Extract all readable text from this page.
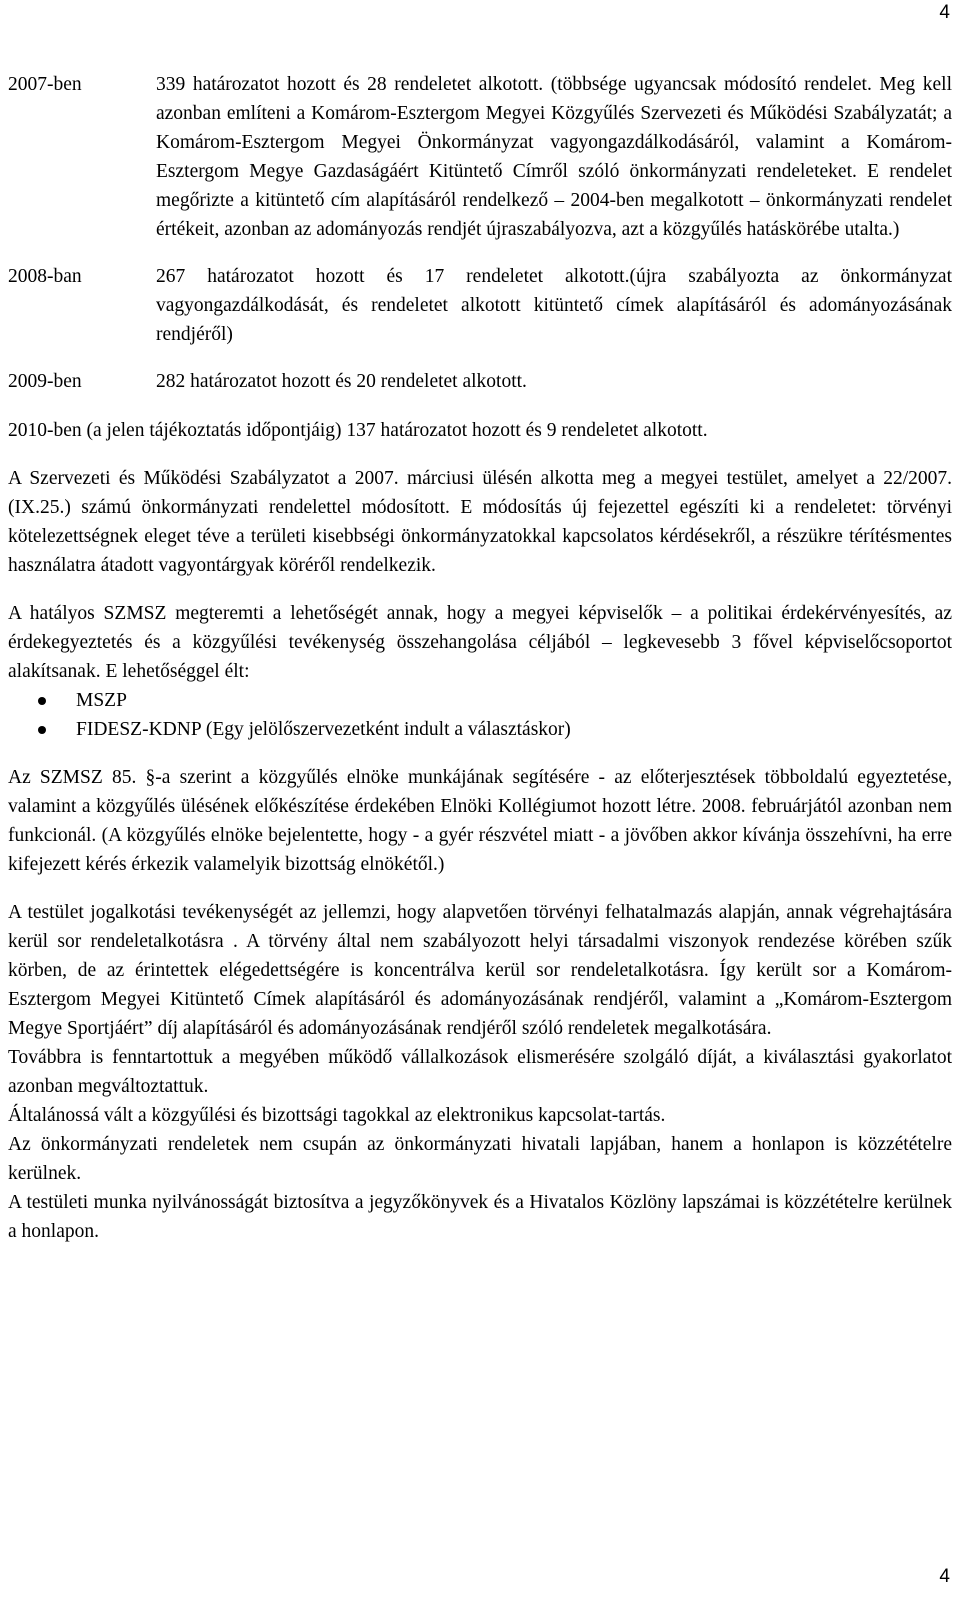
4
2007-ben	339 határozatot hozott és 28 rendeletet alkotott. (többsége ugyancsak módosító rendelet. Meg kell azonban említeni a Komárom-Esztergom Megyei Közgyűlés Szervezeti és Működési Szabályzatát; a Komárom-Esztergom Megyei Önkormányzat vagyongazdálkodásáról, valamint a Komárom-Esztergom Megye Gazdaságáért Kitüntető Címről szóló önkormányzati rendeleteket. E rendelet megőrizte a kitüntető cím alapításáról rendelkező – 2004-ben megalkotott – önkormányzati rendelet értékeit, azonban az adományozás rendjét újraszabályozva, azt a közgyűlés hatáskörébe utalta.)
2008-ban	267 határozatot hozott és 17 rendeletet alkotott.(újra szabályozta az önkormányzat vagyongazdálkodását, és rendeletet alkotott kitüntető címek alapításáról és adományozásának rendjéről)
2009-ben	282 határozatot hozott és 20 rendeletet alkotott.

2010-ben (a jelen tájékoztatás időpontjáig) 137 határozatot hozott és 9 rendeletet alkotott.

A Szervezeti és Működési Szabályzatot a 2007. márciusi ülésén alkotta meg a megyei testület, amelyet a 22/2007. (IX.25.) számú önkormányzati rendelettel módosított. E módosítás új fejezettel egészíti ki a rendeletet: törvényi kötelezettségnek eleget téve a területi kisebbségi önkormányzatokkal kapcsolatos kérdésekről, a részükre térítésmentes használatra átadott vagyontárgyak köréről rendelkezik.

A hatályos SZMSZ megteremti a lehetőségét annak, hogy a megyei képviselők – a politikai érdekérvényesítés, az érdekegyeztetés és a közgyűlési tevékenység összehangolása céljából – legkevesebb 3 fővel képviselőcsoportot alakítsanak. E lehetőséggel élt:

MSZP
FIDESZ-KDNP (Egy jelölőszervezetként indult a választáskor)

Az SZMSZ 85. §-a szerint a közgyűlés elnöke munkájának segítésére - az előterjesztések többoldalú egyeztetése, valamint a közgyűlés ülésének előkészítése érdekében Elnöki Kollégiumot hozott létre. 2008. februárjától azonban nem funkcionál. (A közgyűlés elnöke bejelentette, hogy - a gyér részvétel miatt - a jövőben akkor kívánja összehívni, ha erre kifejezett kérés érkezik valamelyik bizottság elnökétől.)

A testület jogalkotási tevékenységét az jellemzi, hogy alapvetően törvényi felhatalmazás alapján, annak végrehajtására kerül sor rendeletalkotásra . A törvény által nem szabályozott helyi társadalmi viszonyok rendezése körében szűk körben, de az érintettek elégedettségére is koncentrálva kerül sor rendeletalkotásra. Így került sor a Komárom-Esztergom Megyei Kitüntető Címek alapításáról és adományozásának rendjéről, valamint a „Komárom-Esztergom Megye Sportjáért” díj alapításáról és adományozásának rendjéről szóló rendeletek megalkotására.

Továbbra is fenntartottuk a megyében működő vállalkozások elismerésére szolgáló díját, a kiválasztási gyakorlatot azonban megváltoztattuk.

Általánossá vált a közgyűlési és bizottsági tagokkal az elektronikus kapcsolat-tartás.

Az önkormányzati rendeletek nem csupán az önkormányzati hivatali lapjában, hanem a honlapon is közzétételre kerülnek.

A testületi munka nyilvánosságát biztosítva a jegyzőkönyvek és a Hivatalos Közlöny lapszámai is közzétételre kerülnek a honlapon.

4
